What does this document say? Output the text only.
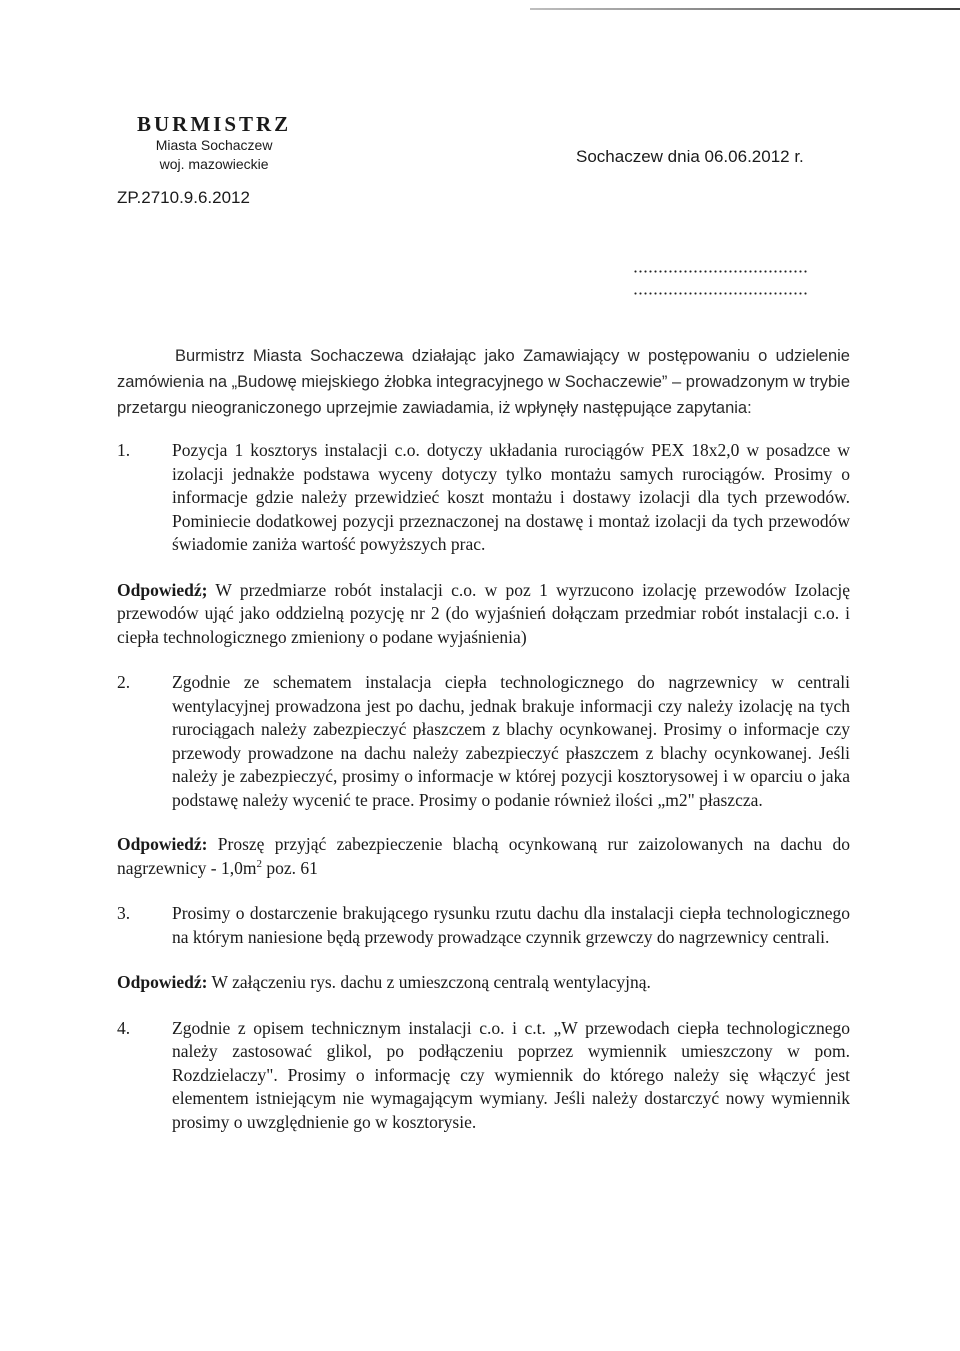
BURMISTRZ
Miasta Sochaczew
woj. mazowieckie	Sochaczew dnia 06.06.2012 r.
ZP.2710.9.6.2012

Burmistrz Miasta Sochaczewa działając jako Zamawiający w postępowaniu o udzielenie zamówienia na „Budowę miejskiego żłobka integracyjnego w Sochaczewie” – prowadzonym w trybie przetargu nieograniczonego uprzejmie zawiadamia, iż wpłynęły następujące zapytania:

1.	Pozycja 1 kosztorys instalacji c.o. dotyczy układania rurociągów PEX 18x2,0 w posadzce w izolacji jednakże podstawa wyceny dotyczy tylko montażu samych rurociągów. Prosimy o informacje gdzie należy przewidzieć koszt montażu i dostawy izolacji dla tych przewodów. Pominiecie dodatkowej pozycji przeznaczonej na dostawę i montaż izolacji da tych przewodów świadomie zaniża wartość powyższych prac.
Odpowiedź; W przedmiarze robót instalacji c.o. w poz 1 wyrzucono izolację przewodów Izolację przewodów ująć jako oddzielną pozycję nr 2 (do wyjaśnień dołączam przedmiar robót instalacji c.o. i ciepła technologicznego zmieniony o podane wyjaśnienia)
2.	Zgodnie ze schematem instalacja ciepła technologicznego do nagrzewnicy w centrali wentylacyjnej prowadzona jest po dachu, jednak brakuje informacji czy należy izolację na tych rurociągach należy zabezpieczyć płaszczem z blachy ocynkowanej. Prosimy o informacje czy przewody prowadzone na dachu należy zabezpieczyć płaszczem z blachy ocynkowanej. Jeśli należy je zabezpieczyć, prosimy o informacje w której pozycji kosztorysowej i w oparciu o jaka podstawę należy wycenić te prace. Prosimy o podanie również ilości „m2" płaszcza.
Odpowiedź: Proszę przyjąć zabezpieczenie blachą ocynkowaną rur zaizolowanych na dachu do nagrzewnicy - $1,0m^2$ poz. 61
3.	Prosimy o dostarczenie brakującego rysunku rzutu dachu dla instalacji ciepła technologicznego na którym naniesione będą przewody prowadzące czynnik grzewczy do nagrzewnicy centrali.
Odpowiedź: W załączeniu rys. dachu z umieszczoną centralą wentylacyjną.
4.	Zgodnie z opisem technicznym instalacji c.o. i c.t. „W przewodach ciepła technologicznego należy zastosować glikol, po podłączeniu poprzez wymiennik umieszczony w pom. Rozdzielaczy". Prosimy o informację czy wymiennik do którego należy się włączyć jest elementem istniejącym nie wymagającym wymiany. Jeśli należy dostarczyć nowy wymiennik prosimy o uwzględnienie go w kosztorysie.
